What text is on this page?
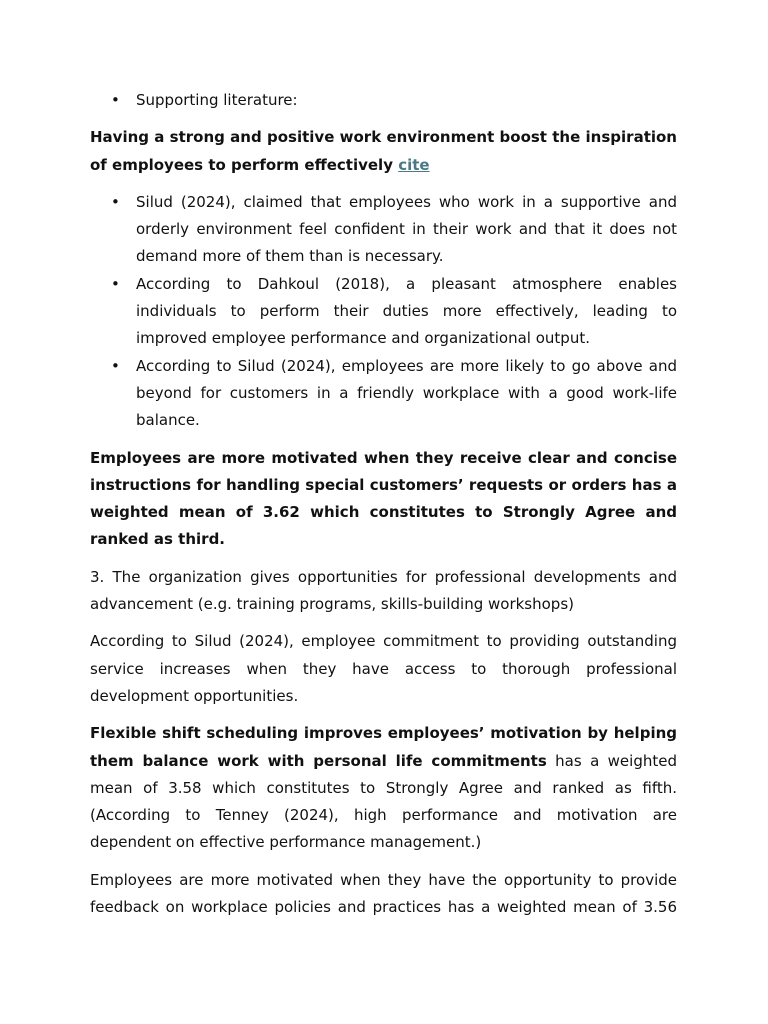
• Supporting literature:

Having a strong and positive work environment boost the inspiration of employees to perform effectively cite

• Silud (2024), claimed that employees who work in a supportive and orderly environment feel confident in their work and that it does not demand more of them than is necessary.
• According to Dahkoul (2018), a pleasant atmosphere enables individuals to perform their duties more effectively, leading to improved employee performance and organizational output.
• According to Silud (2024), employees are more likely to go above and beyond for customers in a friendly workplace with a good work-life balance.

Employees are more motivated when they receive clear and concise instructions for handling special customers’ requests or orders has a weighted mean of 3.62 which constitutes to Strongly Agree and ranked as third.

3. The organization gives opportunities for professional developments and advancement (e.g. training programs, skills-building workshops)

According to Silud (2024), employee commitment to providing outstanding service increases when they have access to thorough professional development opportunities.

Flexible shift scheduling improves employees’ motivation by helping them balance work with personal life commitments has a weighted mean of 3.58 which constitutes to Strongly Agree and ranked as fifth. (According to Tenney (2024), high performance and motivation are dependent on effective performance management.)

Employees are more motivated when they have the opportunity to provide feedback on workplace policies and practices has a weighted mean of 3.56
